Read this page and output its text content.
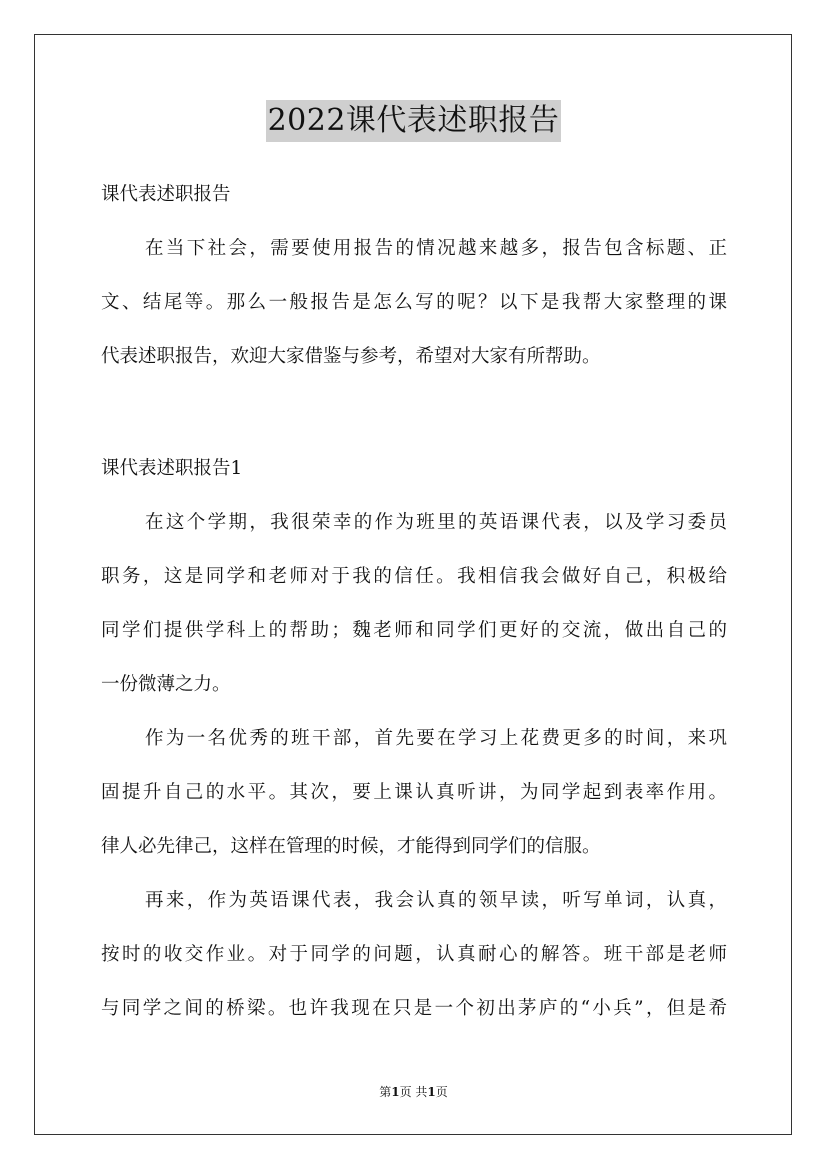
2022课代表述职报告
课代表述职报告
在当下社会，需要使用报告的情况越来越多，报告包含标题、正
文、结尾等。那么一般报告是怎么写的呢？以下是我帮大家整理的课
代表述职报告，欢迎大家借鉴与参考，希望对大家有所帮助。
课代表述职报告1
在这个学期，我很荣幸的作为班里的英语课代表，以及学习委员
职务，这是同学和老师对于我的信任。我相信我会做好自己，积极给
同学们提供学科上的帮助；魏老师和同学们更好的交流，做出自己的
一份微薄之力。
作为一名优秀的班干部，首先要在学习上花费更多的时间，来巩
固提升自己的水平。其次，要上课认真听讲，为同学起到表率作用。
律人必先律己，这样在管理的时候，才能得到同学们的信服。
再来，作为英语课代表，我会认真的领早读，听写单词，认真，
按时的收交作业。对于同学的问题，认真耐心的解答。班干部是老师
与同学之间的桥梁。也许我现在只是一个初出茅庐的“小兵”，但是希
第1页 共1页
